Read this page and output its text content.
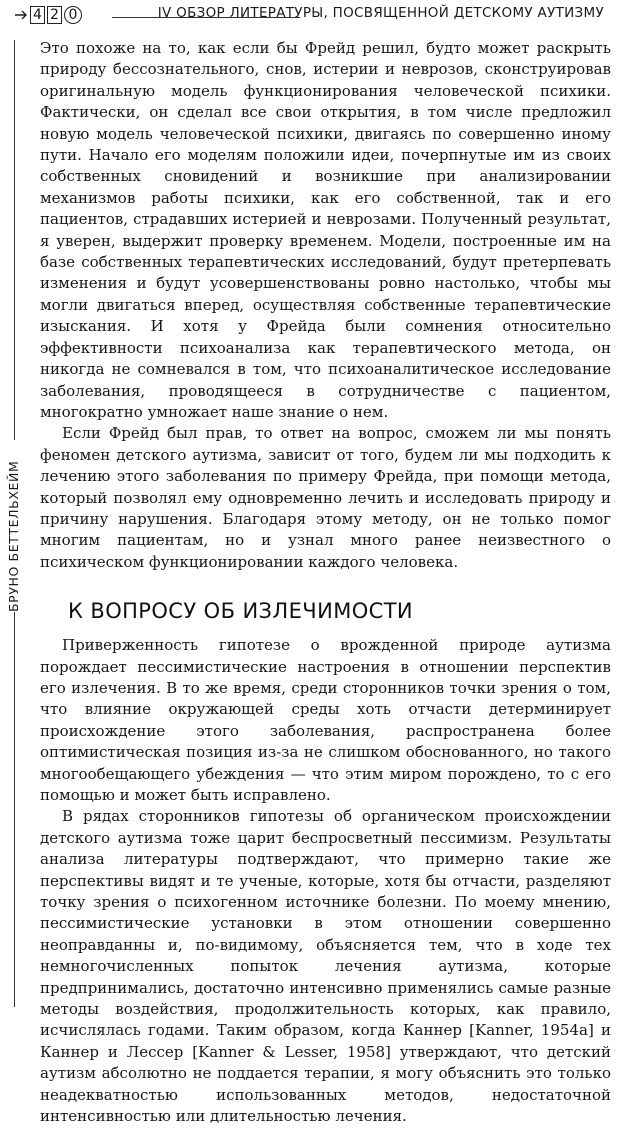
4 2 0	IV ОБЗОР ЛИТЕРАТУРЫ, ПОСВЯЩЕННОЙ ДЕТСКОМУ АУТИЗМУ
БРУНО БЕТТЕЛЬХЕЙМ

Это похоже на то, как если бы Фрейд решил, будто может раскрыть природу бессознательного, снов, истерии и неврозов, сконструировав оригинальную модель функционирования человеческой психики. Фактически, он сделал все свои открытия, в том числе предложил новую модель человеческой психики, двигаясь по совершенно иному пути. Начало его моделям положили идеи, почерпнутые им из своих собственных сновидений и возникшие при анализировании механизмов работы психики, как его собственной, так и его пациентов, страдавших истерией и неврозами. Полученный результат, я уверен, выдержит проверку временем. Модели, построенные им на базе собственных терапевтических исследований, будут претерпевать изменения и будут усовершенствованы ровно настолько, чтобы мы могли двигаться вперед, осуществляя собственные терапевтические изыскания. И хотя у Фрейда были сомнения относительно эффективности психоанализа как терапевтического метода, он никогда не сомневался в том, что психоаналитическое исследование заболевания, проводящееся в сотрудничестве с пациентом, многократно умножает наше знание о нем.

Если Фрейд был прав, то ответ на вопрос, сможем ли мы понять феномен детского аутизма, зависит от того, будем ли мы подходить к лечению этого заболевания по примеру Фрейда, при помощи метода, который позволял ему одновременно лечить и исследовать природу и причину нарушения. Благодаря этому методу, он не только помог многим пациентам, но и узнал много ранее неизвестного о психическом функционировании каждого человека.

К ВОПРОСУ ОБ ИЗЛЕЧИМОСТИ

Приверженность гипотезе о врожденной природе аутизма порождает пессимистические настроения в отношении перспектив его излечения. В то же время, среди сторонников точки зрения о том, что влияние окружающей среды хоть отчасти детерминирует происхождение этого заболевания, распространена более оптимистическая позиция из-за не слишком обоснованного, но такого многообещающего убеждения — что этим миром порождено, то с его помощью и может быть исправлено.

В рядах сторонников гипотезы об органическом происхождении детского аутизма тоже царит беспросветный пессимизм. Результаты анализа литературы подтверждают, что примерно такие же перспективы видят и те ученые, которые, хотя бы отчасти, разделяют точку зрения о психогенном источнике болезни. По моему мнению, пессимистические установки в этом отношении совершенно неоправданны и, по-видимому, объясняется тем, что в ходе тех немногочисленных попыток лечения аутизма, которые предпринимались, достаточно интенсивно применялись самые разные методы воздействия, продолжительность которых, как правило, исчислялась годами. Таким образом, когда Каннер [Kanner, 1954a] и Каннер и Лессер [Kanner & Lesser, 1958] утверждают, что детский аутизм абсолютно не поддается терапии, я могу объяснить это только неадекватностью использованных методов, недостаточной интенсивностью или длительностью лечения.
